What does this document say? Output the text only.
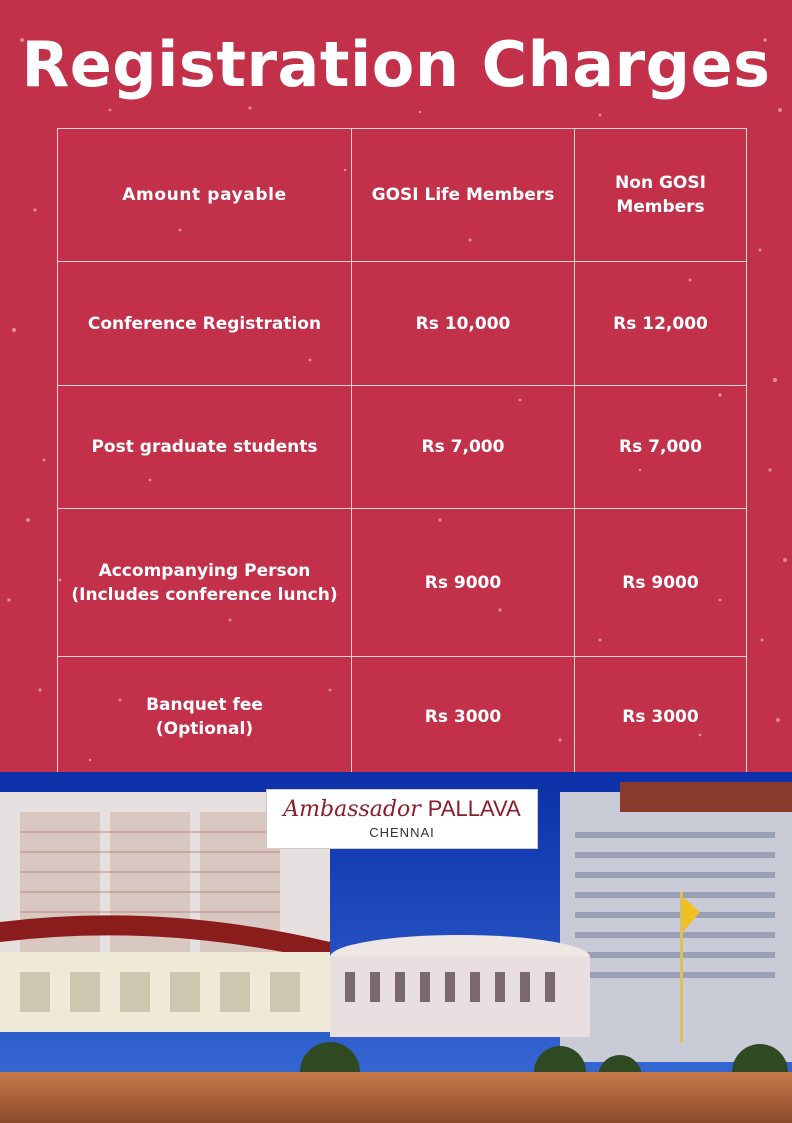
Registration Charges
Amount payable	GOSI Life Members	Non GOSI Members
Conference Registration	Rs 10,000	Rs 12,000
Post graduate students	Rs 7,000	Rs 7,000

Accompanying Person
(Includes conference lunch)	Rs 9000	Rs 9000

Banquet fee
(Optional)	Rs 3000	Rs 3000
Ambassador PALLAVA
CHENNAI
